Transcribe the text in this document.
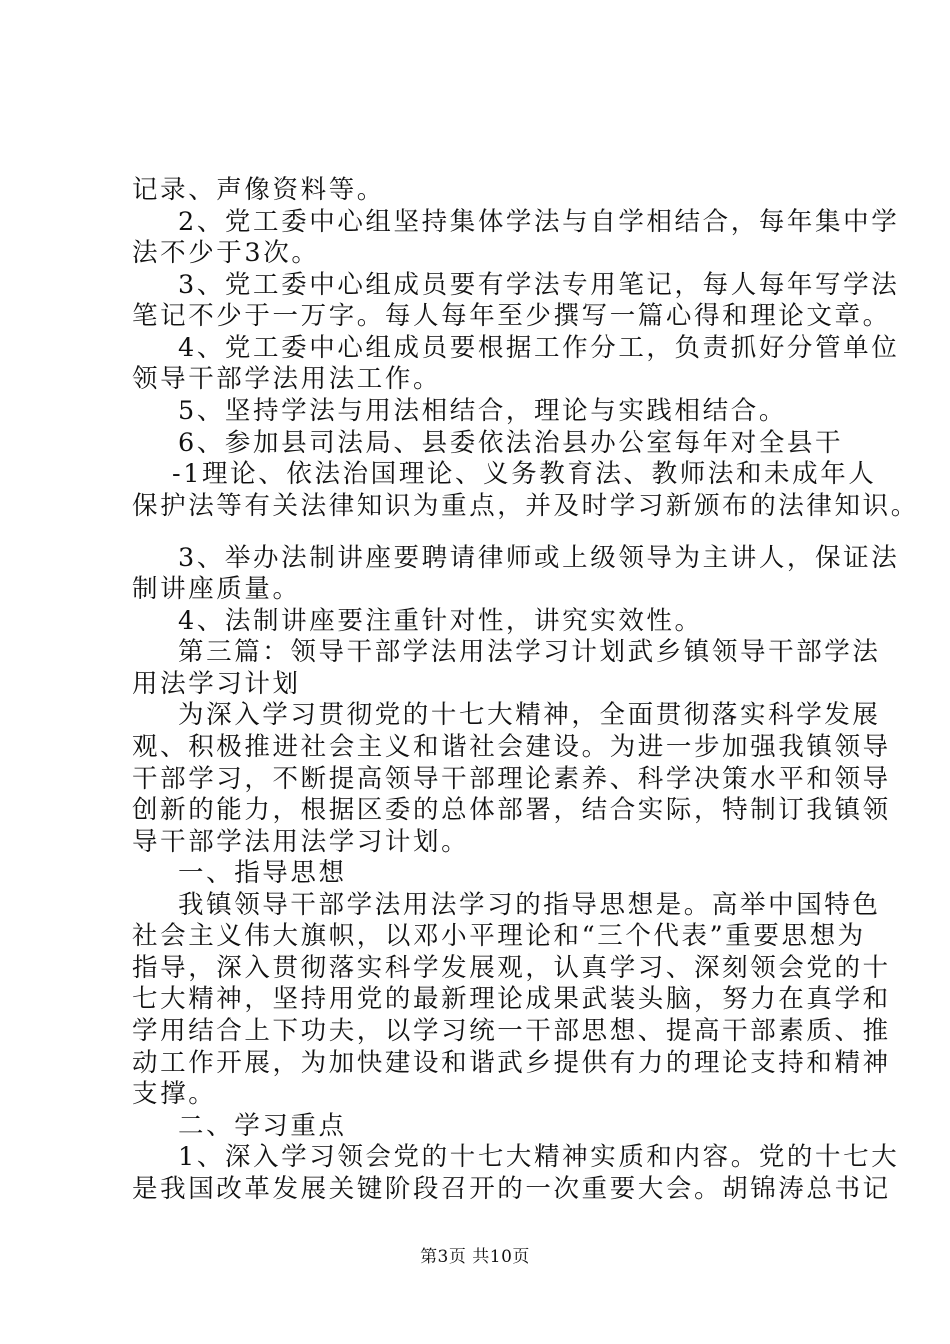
记录、声像资料等。
2、党工委中心组坚持集体学法与自学相结合，每年集中学
法不少于3次。
3、党工委中心组成员要有学法专用笔记，每人每年写学法
笔记不少于一万字。每人每年至少撰写一篇心得和理论文章。
4、党工委中心组成员要根据工作分工，负责抓好分管单位
领导干部学法用法工作。
5、坚持学法与用法相结合，理论与实践相结合。
6、参加县司法局、县委依法治县办公室每年对全县干
-1理论、依法治国理论、义务教育法、教师法和未成年人
保护法等有关法律知识为重点，并及时学习新颁布的法律知识。
3、举办法制讲座要聘请律师或上级领导为主讲人，保证法
制讲座质量。
4、法制讲座要注重针对性，讲究实效性。
第三篇：领导干部学法用法学习计划武乡镇领导干部学法
用法学习计划
为深入学习贯彻党的十七大精神，全面贯彻落实科学发展
观、积极推进社会主义和谐社会建设。为进一步加强我镇领导
干部学习，不断提高领导干部理论素养、科学决策水平和领导
创新的能力，根据区委的总体部署，结合实际，特制订我镇领
导干部学法用法学习计划。
一、指导思想
我镇领导干部学法用法学习的指导思想是。高举中国特色
社会主义伟大旗帜，以邓小平理论和“三个代表”重要思想为
指导，深入贯彻落实科学发展观，认真学习、深刻领会党的十
七大精神，坚持用党的最新理论成果武装头脑，努力在真学和
学用结合上下功夫，以学习统一干部思想、提高干部素质、推
动工作开展，为加快建设和谐武乡提供有力的理论支持和精神
支撑。
二、学习重点
1、深入学习领会党的十七大精神实质和内容。党的十七大
是我国改革发展关键阶段召开的一次重要大会。胡锦涛总书记
第3页 共10页
